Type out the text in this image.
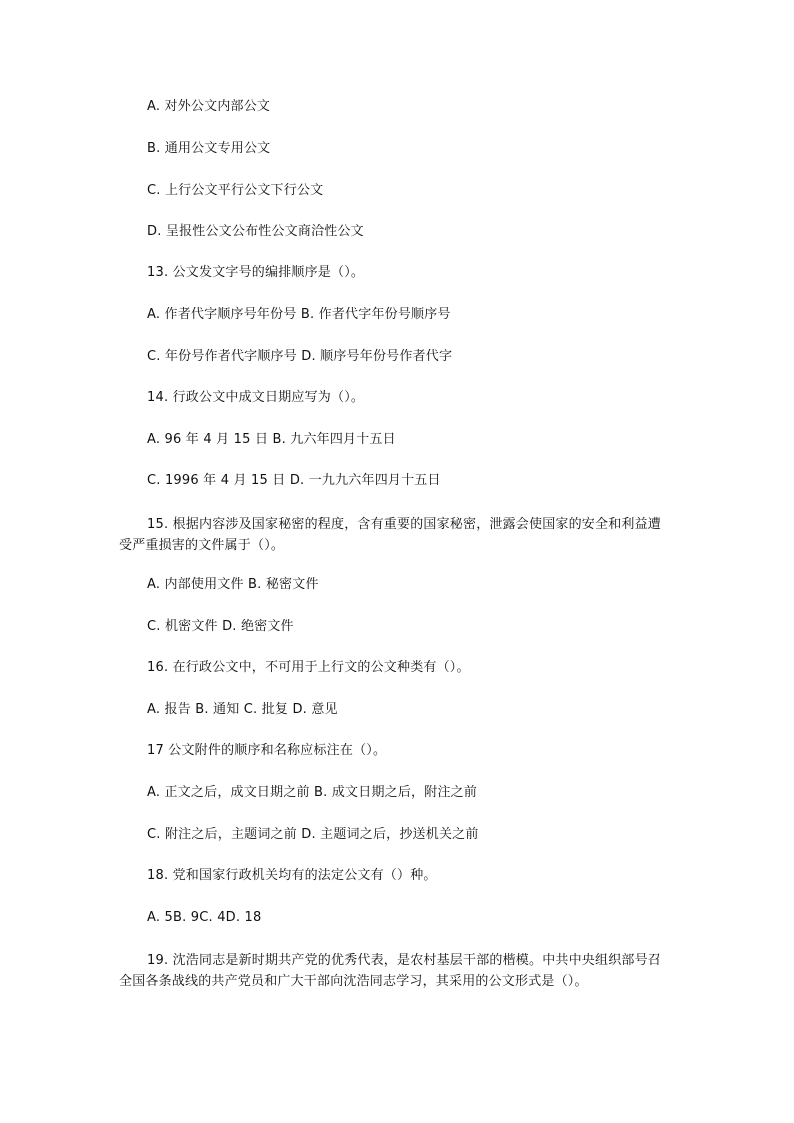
A. 对外公文内部公文
B. 通用公文专用公文
C. 上行公文平行公文下行公文
D. 呈报性公文公布性公文商洽性公文
13. 公文发文字号的编排顺序是（）。
A. 作者代字顺序号年份号 B. 作者代字年份号顺序号
C. 年份号作者代字顺序号 D. 顺序号年份号作者代字
14. 行政公文中成文日期应写为（）。
A. 96 年 4 月 15 日 B. 九六年四月十五日
C. 1996 年 4 月 15 日 D. 一九九六年四月十五日
15. 根据内容涉及国家秘密的程度，含有重要的国家秘密，泄露会使国家的安全和利益遭受严重损害的文件属于（）。
A. 内部使用文件 B. 秘密文件
C. 机密文件 D. 绝密文件
16. 在行政公文中，不可用于上行文的公文种类有（）。
A. 报告 B. 通知 C. 批复 D. 意见
17 公文附件的顺序和名称应标注在（）。
A. 正文之后，成文日期之前 B. 成文日期之后，附注之前
C. 附注之后，主题词之前 D. 主题词之后，抄送机关之前
18. 党和国家行政机关均有的法定公文有（）种。
A. 5B. 9C. 4D. 18
19. 沈浩同志是新时期共产党的优秀代表，是农村基层干部的楷模。中共中央组织部号召全国各条战线的共产党员和广大干部向沈浩同志学习，其采用的公文形式是（）。
